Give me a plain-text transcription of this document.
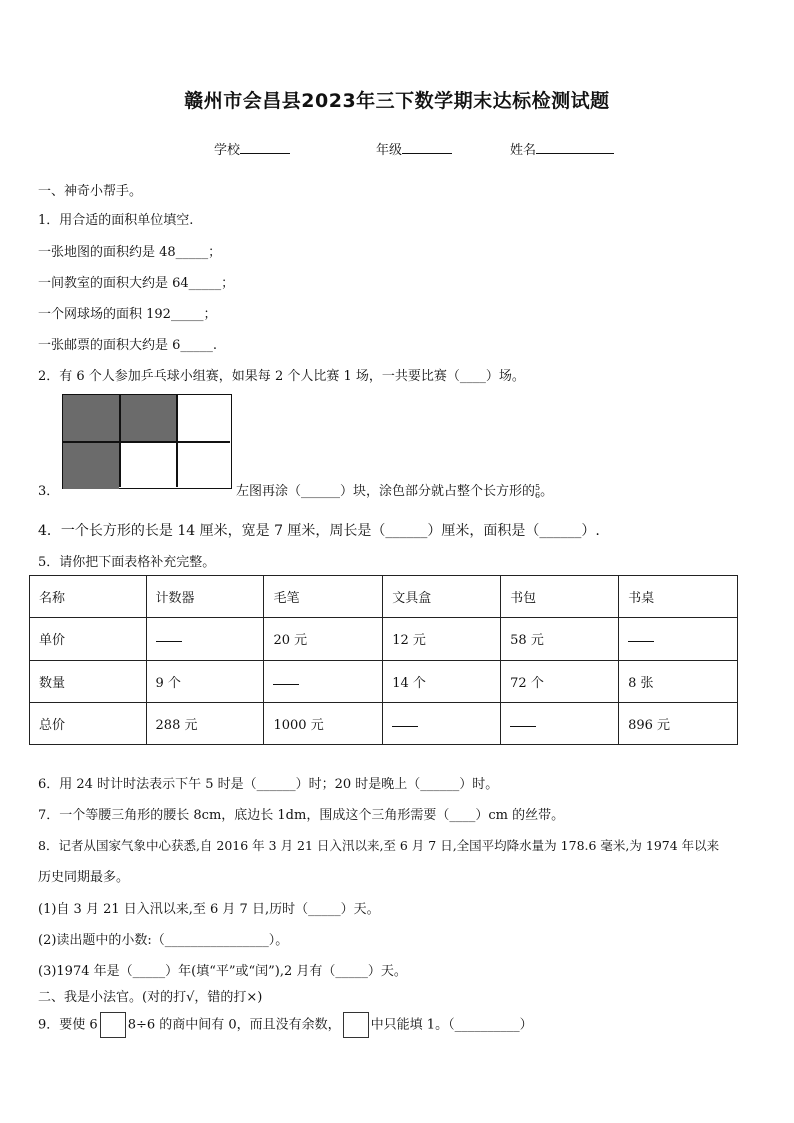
赣州市会昌县2023年三下数学期末达标检测试题
学校	年级	姓名
一、神奇小帮手。
1．用合适的面积单位填空.
一张地图的面积约是 48_____；
一间教室的面积大约是 64_____；
一个网球场的面积 192_____；
一张邮票的面积大约是 6_____.
2．有 6 个人参加乒乓球小组赛，如果每 2 个人比赛 1 场，一共要比赛（____）场。
3．	左图再涂（______）块，涂色部分就占整个长方形的5
6。
4．一个长方形的长是 14 厘米，宽是 7 厘米，周长是（______）厘米，面积是（______）.
5．请你把下面表格补充完整。
名称	计数器	毛笔	文具盒	书包	书桌
单价		20 元	12 元	58 元	
数量	9 个		14 个	72 个	8 张
总价	288 元	1000 元			896 元
6．用 24 时计时法表示下午 5 时是（______）时；20 时是晚上（______）时。
7．一个等腰三角形的腰长 8cm，底边长 1dm，围成这个三角形需要（____）cm 的丝带。
8．记者从国家气象中心获悉,自 2016 年 3 月 21 日入汛以来,至 6 月 7 日,全国平均降水量为 178.6 毫米,为 1974 年以来
历史同期最多。
(1)自 3 月 21 日入汛以来,至 6 月 7 日,历时（_____）天。
(2)读出题中的小数:（________________）。
(3)1974 年是（_____）年(填“平”或“闰”),2 月有（_____）天。
二、我是小法官。(对的打√，错的打×)
9．要使 6 8÷6 的商中间有 0，而且没有余数， 中只能填 1。（__________）
